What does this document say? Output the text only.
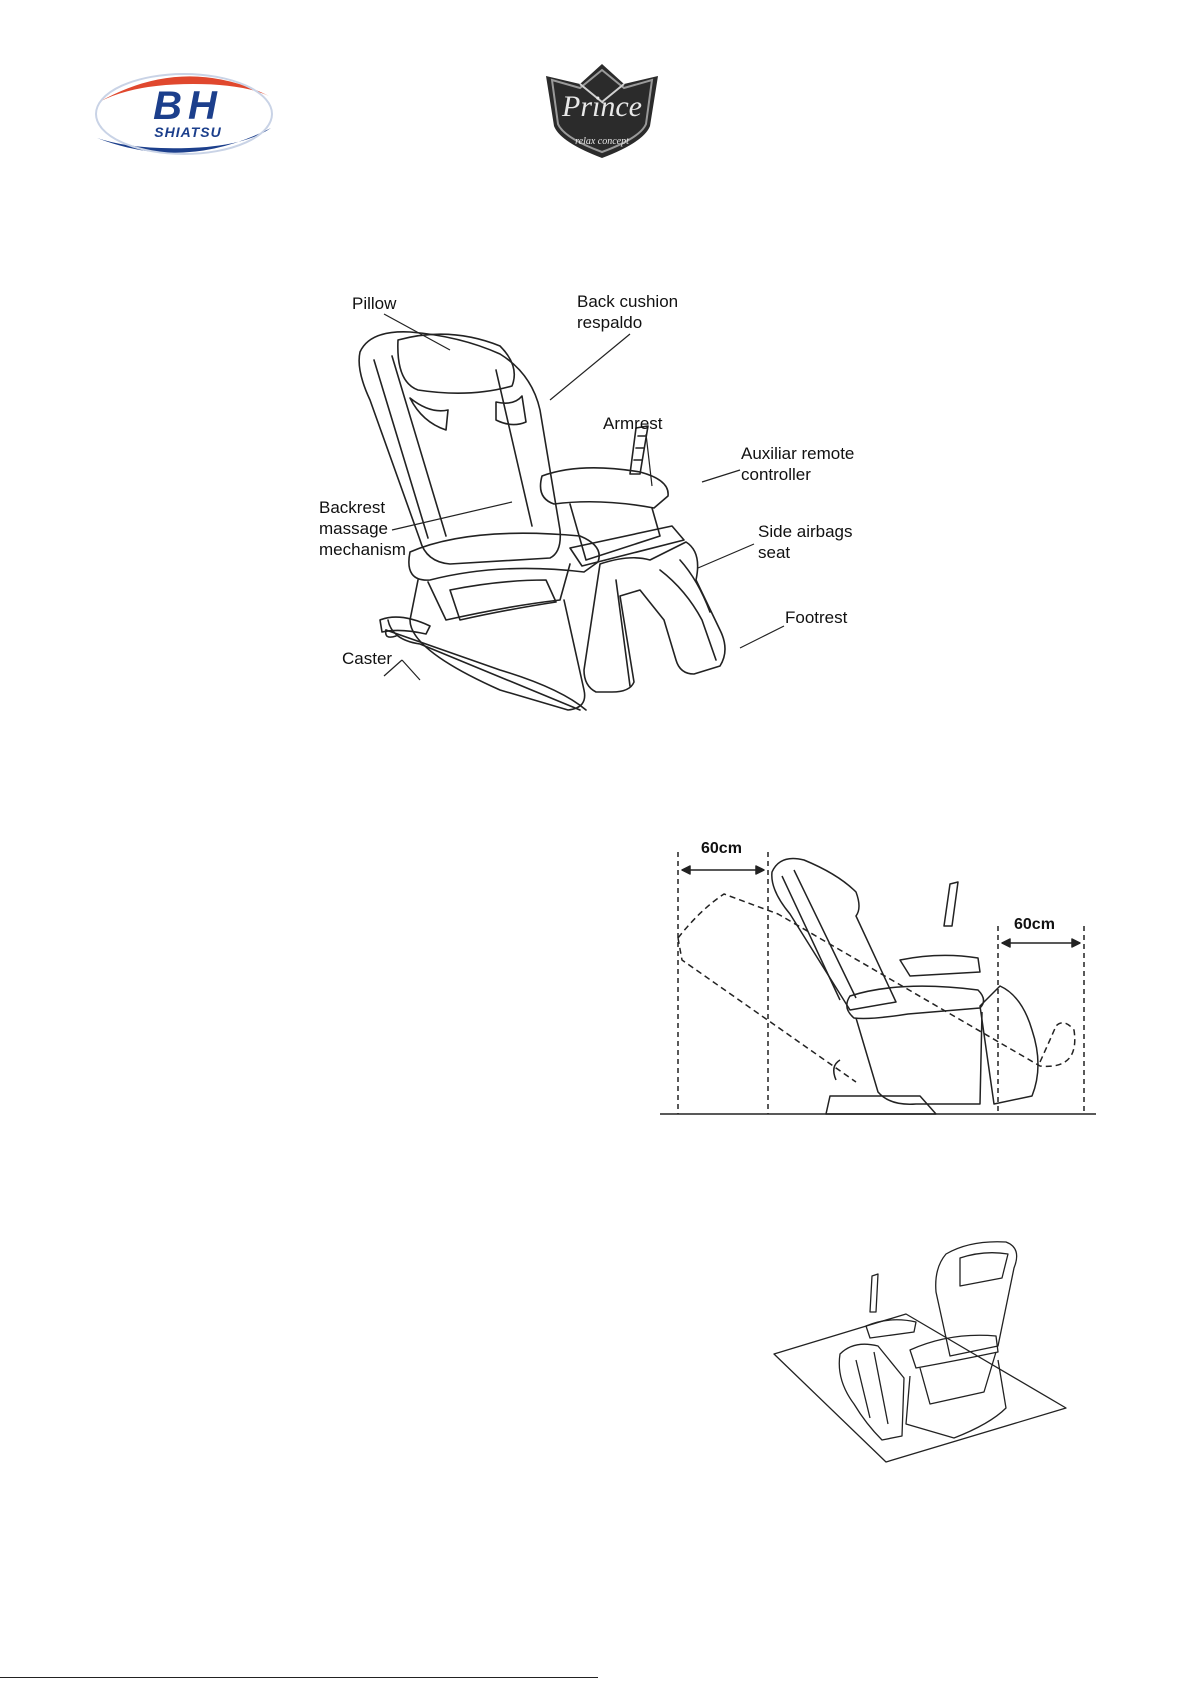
BH
SHIATSU
Prince
relax concept
Pillow	Back cushion
respaldo
Armrest
Auxiliar remote
controller
Backrest
massage
mechanism
Side airbags
seat
Footrest
Caster
60cm
60cm
